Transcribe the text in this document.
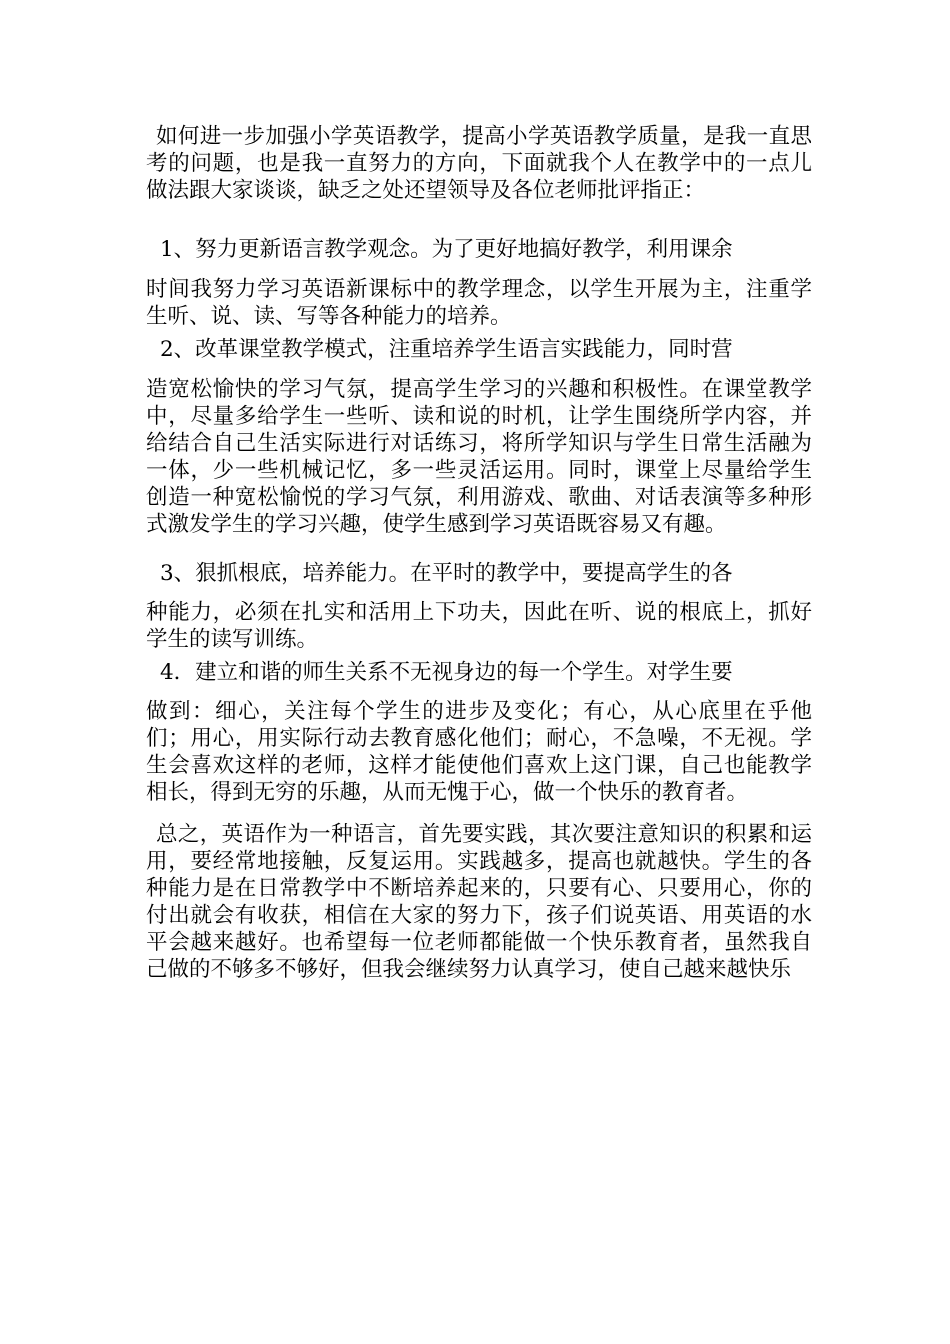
如何进一步加强小学英语教学，提高小学英语教学质量，是我一直思考的问题，也是我一直努力的方向，下面就我个人在教学中的一点儿做法跟大家谈谈，缺乏之处还望领导及各位老师批评指正：

1、努力更新语言教学观念。为了更好地搞好教学，利用课余

时间我努力学习英语新课标中的教学理念，以学生开展为主，注重学生听、说、读、写等各种能力的培养。

2、改革课堂教学模式，注重培养学生语言实践能力，同时营

造宽松愉快的学习气氛，提高学生学习的兴趣和积极性。在课堂教学中，尽量多给学生一些听、读和说的时机，让学生围绕所学内容，并给结合自己生活实际进行对话练习，将所学知识与学生日常生活融为一体，少一些机械记忆，多一些灵活运用。同时，课堂上尽量给学生创造一种宽松愉悦的学习气氛，利用游戏、歌曲、对话表演等多种形式激发学生的学习兴趣，使学生感到学习英语既容易又有趣。

3、狠抓根底，培养能力。在平时的教学中，要提高学生的各

种能力，必须在扎实和活用上下功夫，因此在听、说的根底上，抓好学生的读写训练。

4．建立和谐的师生关系不无视身边的每一个学生。对学生要

做到：细心，关注每个学生的进步及变化；有心，从心底里在乎他们；用心，用实际行动去教育感化他们；耐心，不急噪，不无视。学生会喜欢这样的老师，这样才能使他们喜欢上这门课，自己也能教学相长，得到无穷的乐趣，从而无愧于心，做一个快乐的教育者。

总之，英语作为一种语言，首先要实践，其次要注意知识的积累和运用，要经常地接触，反复运用。实践越多，提高也就越快。学生的各种能力是在日常教学中不断培养起来的，只要有心、只要用心，你的付出就会有收获，相信在大家的努力下，孩子们说英语、用英语的水平会越来越好。也希望每一位老师都能做一个快乐教育者，虽然我自己做的不够多不够好，但我会继续努力认真学习，使自己越来越快乐
